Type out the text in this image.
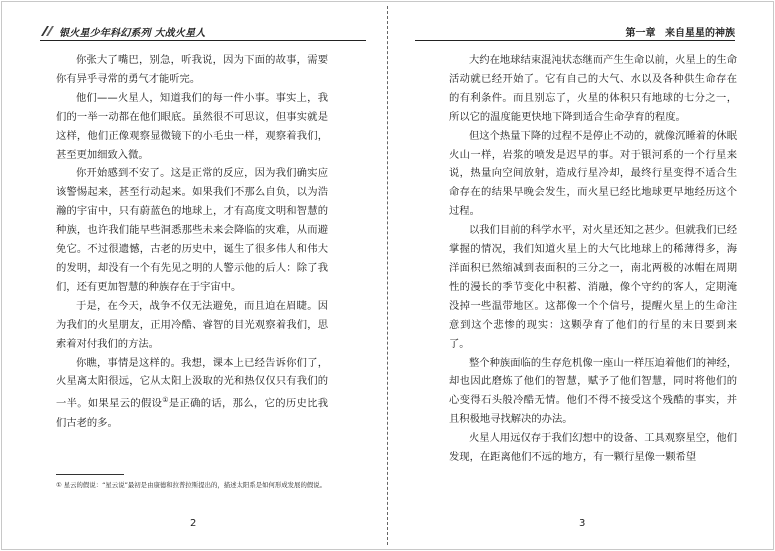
银火星少年科幻系列 大战火星人

你张大了嘴巴，别急，听我说，因为下面的故事，需要你有异乎寻常的勇气才能听完。

他们——火星人，知道我们的每一件小事。事实上，我们的一举一动都在他们眼底。虽然很不可思议，但事实就是这样，他们正像观察显微镜下的小毛虫一样，观察着我们，甚至更加细致入微。

你开始感到不安了。这是正常的反应，因为我们确实应该警惕起来，甚至行动起来。如果我们不那么自负，以为浩瀚的宇宙中，只有蔚蓝色的地球上，才有高度文明和智慧的种族，也许我们能早些洞悉那些未来会降临的灾难，从而避免它。不过很遗憾，古老的历史中，诞生了很多伟人和伟大的发明，却没有一个有先见之明的人警示他的后人：除了我们，还有更加智慧的种族存在于宇宙中。

于是，在今天，战争不仅无法避免，而且迫在眉睫。因为我们的火星朋友，正用冷酷、睿智的目光观察着我们，思索着对付我们的方法。

你瞧，事情是这样的。我想，课本上已经告诉你们了，火星离太阳很远，它从太阳上汲取的光和热仅仅只有我们的一半。如果星云的假设①是正确的话，那么，它的历史比我们古老的多。

① 星云的假说：“星云说”最初是由康德和拉普拉斯提出的，描述太阳系是如何形成发展的假说。
2
第一章 来自星星的神族

大约在地球结束混沌状态继而产生生命以前，火星上的生命活动就已经开始了。它有自己的大气、水以及各种供生命存在的有利条件。而且别忘了，火星的体积只有地球的七分之一，所以它的温度能更快地下降到适合生命孕育的程度。

但这个热量下降的过程不是停止不动的，就像沉睡着的休眠火山一样，岩浆的喷发是迟早的事。对于银河系的一个行星来说，热量向空间放射，造成行星冷却，最终行星变得不适合生命存在的结果早晚会发生，而火星已经比地球更早地经历这个过程。

以我们目前的科学水平，对火星还知之甚少。但就我们已经掌握的情况，我们知道火星上的大气比地球上的稀薄得多，海洋面积已然缩减到表面积的三分之一，南北两极的冰帽在周期性的漫长的季节变化中积蓄、消融，像个守约的客人，定期淹没掉一些温带地区。这都像一个个信号，提醒火星上的生命注意到这个悲惨的现实：这颗孕育了他们的行星的末日要到来了。

整个种族面临的生存危机像一座山一样压迫着他们的神经，却也因此磨炼了他们的智慧，赋予了他们智慧，同时将他们的心变得石头般冷酷无情。他们不得不接受这个残酷的事实，并且积极地寻找解决的办法。

火星人用远仅存于我们幻想中的设备、工具观察星空，他们发现，在距离他们不远的地方，有一颗行星像一颗希望

3
